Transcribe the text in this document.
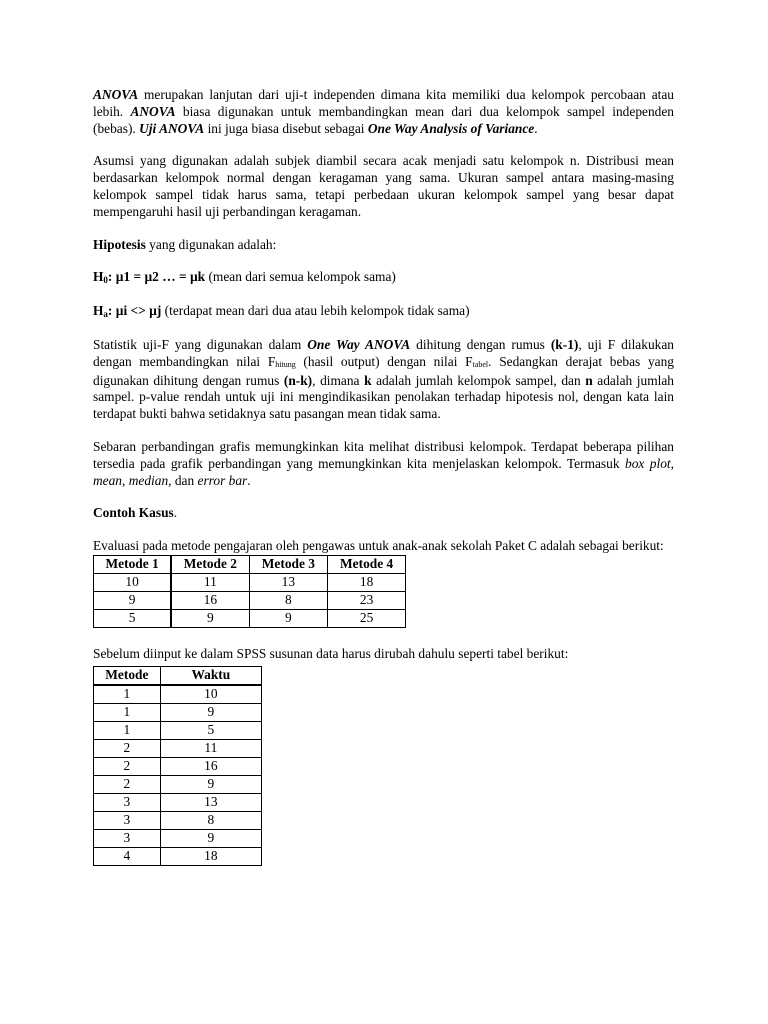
ANOVA merupakan lanjutan dari uji-t independen dimana kita memiliki dua kelompok percobaan atau lebih. ANOVA biasa digunakan untuk membandingkan mean dari dua kelompok sampel independen (bebas). Uji ANOVA ini juga biasa disebut sebagai One Way Analysis of Variance.

Asumsi yang digunakan adalah subjek diambil secara acak menjadi satu kelompok n. Distribusi mean berdasarkan kelompok normal dengan keragaman yang sama. Ukuran sampel antara masing-masing kelompok sampel tidak harus sama, tetapi perbedaan ukuran kelompok sampel yang besar dapat mempengaruhi hasil uji perbandingan keragaman.

Hipotesis yang digunakan adalah:

$H_0$: µ1 = µ2 … = µk (mean dari semua kelompok sama)

$H_a$: µi <> µj (terdapat mean dari dua atau lebih kelompok tidak sama)

Statistik uji-F yang digunakan dalam One Way ANOVA dihitung dengan rumus (k-1), uji F dilakukan dengan membandingkan nilai $F_{hitung}$ (hasil output) dengan nilai $F_{tabel}$. Sedangkan derajat bebas yang digunakan dihitung dengan rumus (n-k), dimana k adalah jumlah kelompok sampel, dan n adalah jumlah sampel. p-value rendah untuk uji ini mengindikasikan penolakan terhadap hipotesis nol, dengan kata lain terdapat bukti bahwa setidaknya satu pasangan mean tidak sama.

Sebaran perbandingan grafis memungkinkan kita melihat distribusi kelompok. Terdapat beberapa pilihan tersedia pada grafik perbandingan yang memungkinkan kita menjelaskan kelompok. Termasuk box plot, mean, median, dan error bar.

Contoh Kasus.

Evaluasi pada metode pengajaran oleh pengawas untuk anak-anak sekolah Paket C adalah sebagai berikut:

Metode 1	Metode 2	Metode 3	Metode 4
10	11	13	18
9	16	8	23
5	9	9	25

Sebelum diinput ke dalam SPSS susunan data harus dirubah dahulu seperti tabel berikut:

Metode	Waktu
1	10
1	9
1	5
2	11
2	16
2	9
3	13
3	8
3	9
4	18
